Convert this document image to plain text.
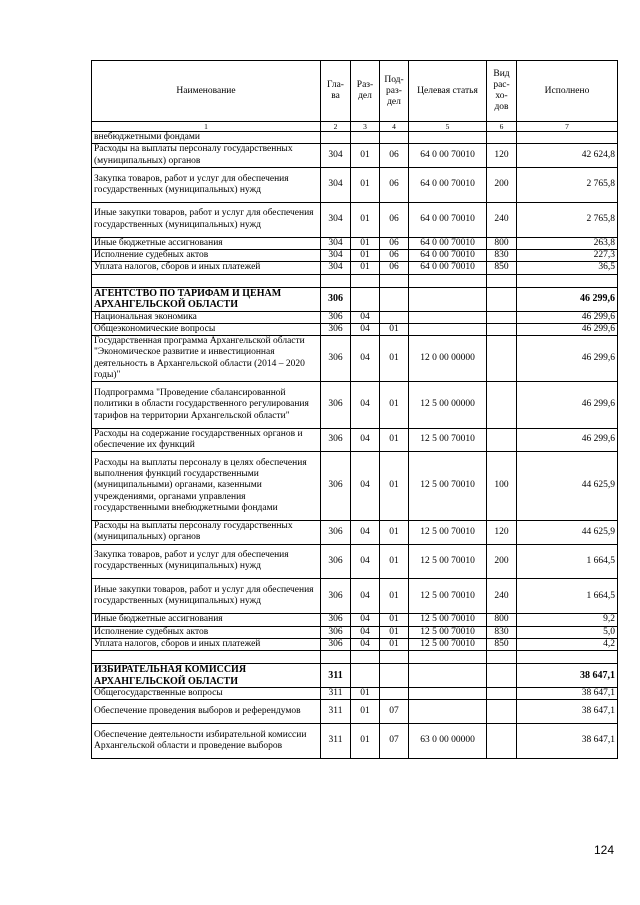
Наименование	Гла-ва	Раз-дел	Под-раз-дел	Целевая статья	Вид рас-хо-дов	Исполнено
1	2	3	4	5	6	7
внебюджетными фондами						
Расходы на выплаты персоналу государственных (муниципальных) органов	304	01	06	64 0 00 70010	120	42 624,8
Закупка товаров, работ и услуг для обеспечения государственных (муниципальных) нужд	304	01	06	64 0 00 70010	200	2 765,8
Иные закупки товаров, работ и услуг для обеспечения государственных (муниципальных) нужд	304	01	06	64 0 00 70010	240	2 765,8
Иные бюджетные ассигнования	304	01	06	64 0 00 70010	800	263,8
Исполнение судебных актов	304	01	06	64 0 00 70010	830	227,3
Уплата налогов, сборов и иных платежей	304	01	06	64 0 00 70010	850	36,5

АГЕНТСТВО ПО ТАРИФАМ И ЦЕНАМ АРХАНГЕЛЬСКОЙ ОБЛАСТИ	306					46 299,6
Национальная экономика	306	04				46 299,6
Общеэкономические вопросы	306	04	01			46 299,6
Государственная программа Архангельской области "Экономическое развитие и инвестиционная деятельность в Архангельской области (2014 – 2020 годы)"	306	04	01	12 0 00 00000		46 299,6
Подпрограмма "Проведение сбалансированной политики в области государственного регулирования тарифов на территории Архангельской области"	306	04	01	12 5 00 00000		46 299,6
Расходы на содержание государственных органов и обеспечение их функций	306	04	01	12 5 00 70010		46 299,6
Расходы на выплаты персоналу в целях обеспечения выполнения функций государственными (муниципальными) органами, казенными учреждениями, органами управления государственными внебюджетными фондами	306	04	01	12 5 00 70010	100	44 625,9
Расходы на выплаты персоналу государственных (муниципальных) органов	306	04	01	12 5 00 70010	120	44 625,9
Закупка товаров, работ и услуг для обеспечения государственных (муниципальных) нужд	306	04	01	12 5 00 70010	200	1 664,5
Иные закупки товаров, работ и услуг для обеспечения государственных (муниципальных) нужд	306	04	01	12 5 00 70010	240	1 664,5
Иные бюджетные ассигнования	306	04	01	12 5 00 70010	800	9,2
Исполнение судебных актов	306	04	01	12 5 00 70010	830	5,0
Уплата налогов, сборов и иных платежей	306	04	01	12 5 00 70010	850	4,2

ИЗБИРАТЕЛЬНАЯ КОМИССИЯ АРХАНГЕЛЬСКОЙ ОБЛАСТИ	311					38 647,1
Общегосударственные вопросы	311	01				38 647,1
Обеспечение проведения выборов и референдумов	311	01	07			38 647,1
Обеспечение деятельности избирательной комиссии Архангельской области и проведение выборов	311	01	07	63 0 00 00000		38 647,1
124
